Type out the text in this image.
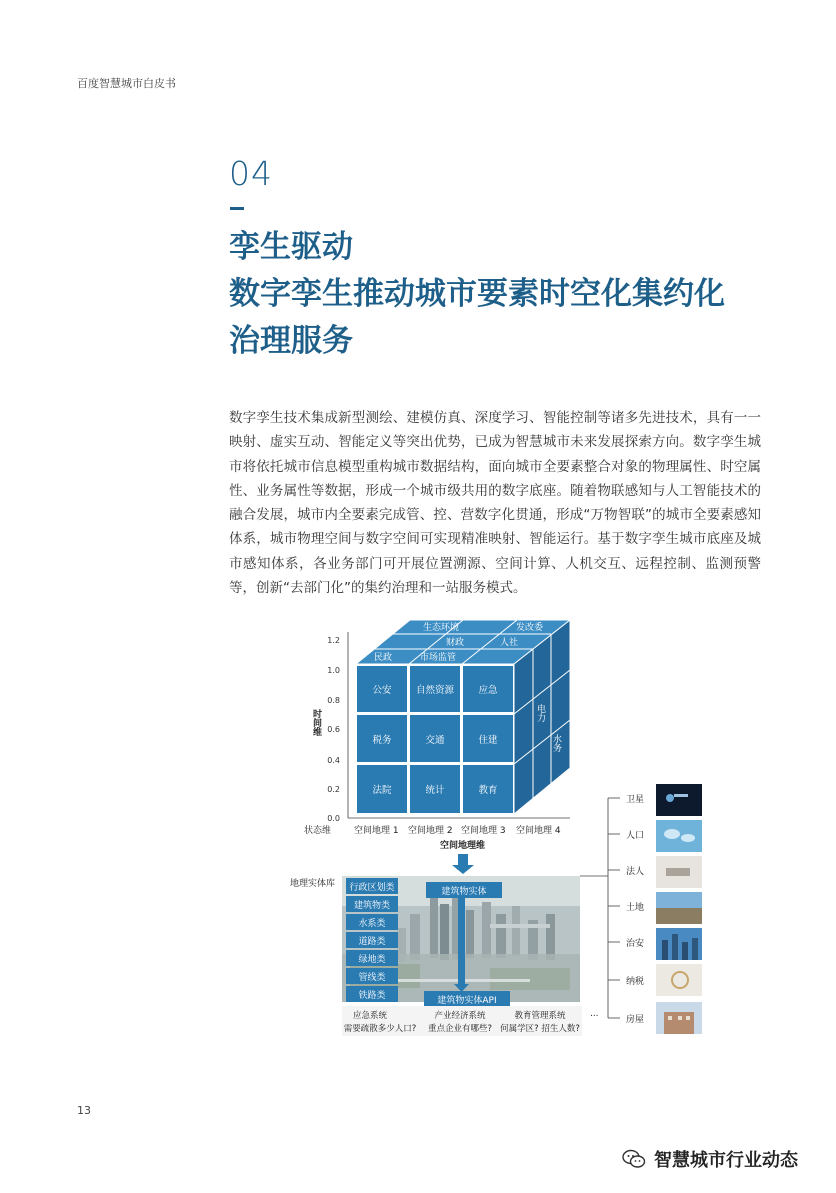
百度智慧城市白皮书
04
孪生驱动
数字孪生推动城市要素时空化集约化
治理服务

数字孪生技术集成新型测绘、建模仿真、深度学习、智能控制等诸多先进技术，具有一一映射、虚实互动、智能定义等突出优势，已成为智慧城市未来发展探索方向。数字孪生城市将依托城市信息模型重构城市数据结构，面向城市全要素整合对象的物理属性、时空属性、业务属性等数据，形成一个城市级共用的数字底座。随着物联感知与人工智能技术的融合发展，城市内全要素完成管、控、营数字化贯通，形成“万物智联”的城市全要素感知体系，城市物理空间与数字空间可实现精准映射、智能运行。基于数字孪生城市底座及城市感知体系，各业务部门可开展位置溯源、空间计算、人机交互、远程控制、监测预警等，创新“去部门化”的集约治理和一站服务模式。

0.0
0.2
0.4
0.6
0.8
1.0
1.2
时间维
生态环境	发改委
财政	人社
民政	市场监管
电力
水务
公安	自然资源	应急
税务	交通	住建
法院	统计	教育
状态维	空间地理 1 空间地理 2 空间地理 3 空间地理 4
空间地理维
地理实体库
建筑物实体
建筑物实体API
行政区划类
建筑物类
水系类
道路类
绿地类
管线类
铁路类
应急系统
需要疏散多少人口?
产业经济系统
重点企业有哪些?
教育管理系统
何属学区? 招生人数?
…
卫星
人口
法人
土地
治安
纳税
房屋
13
智慧城市行业动态
